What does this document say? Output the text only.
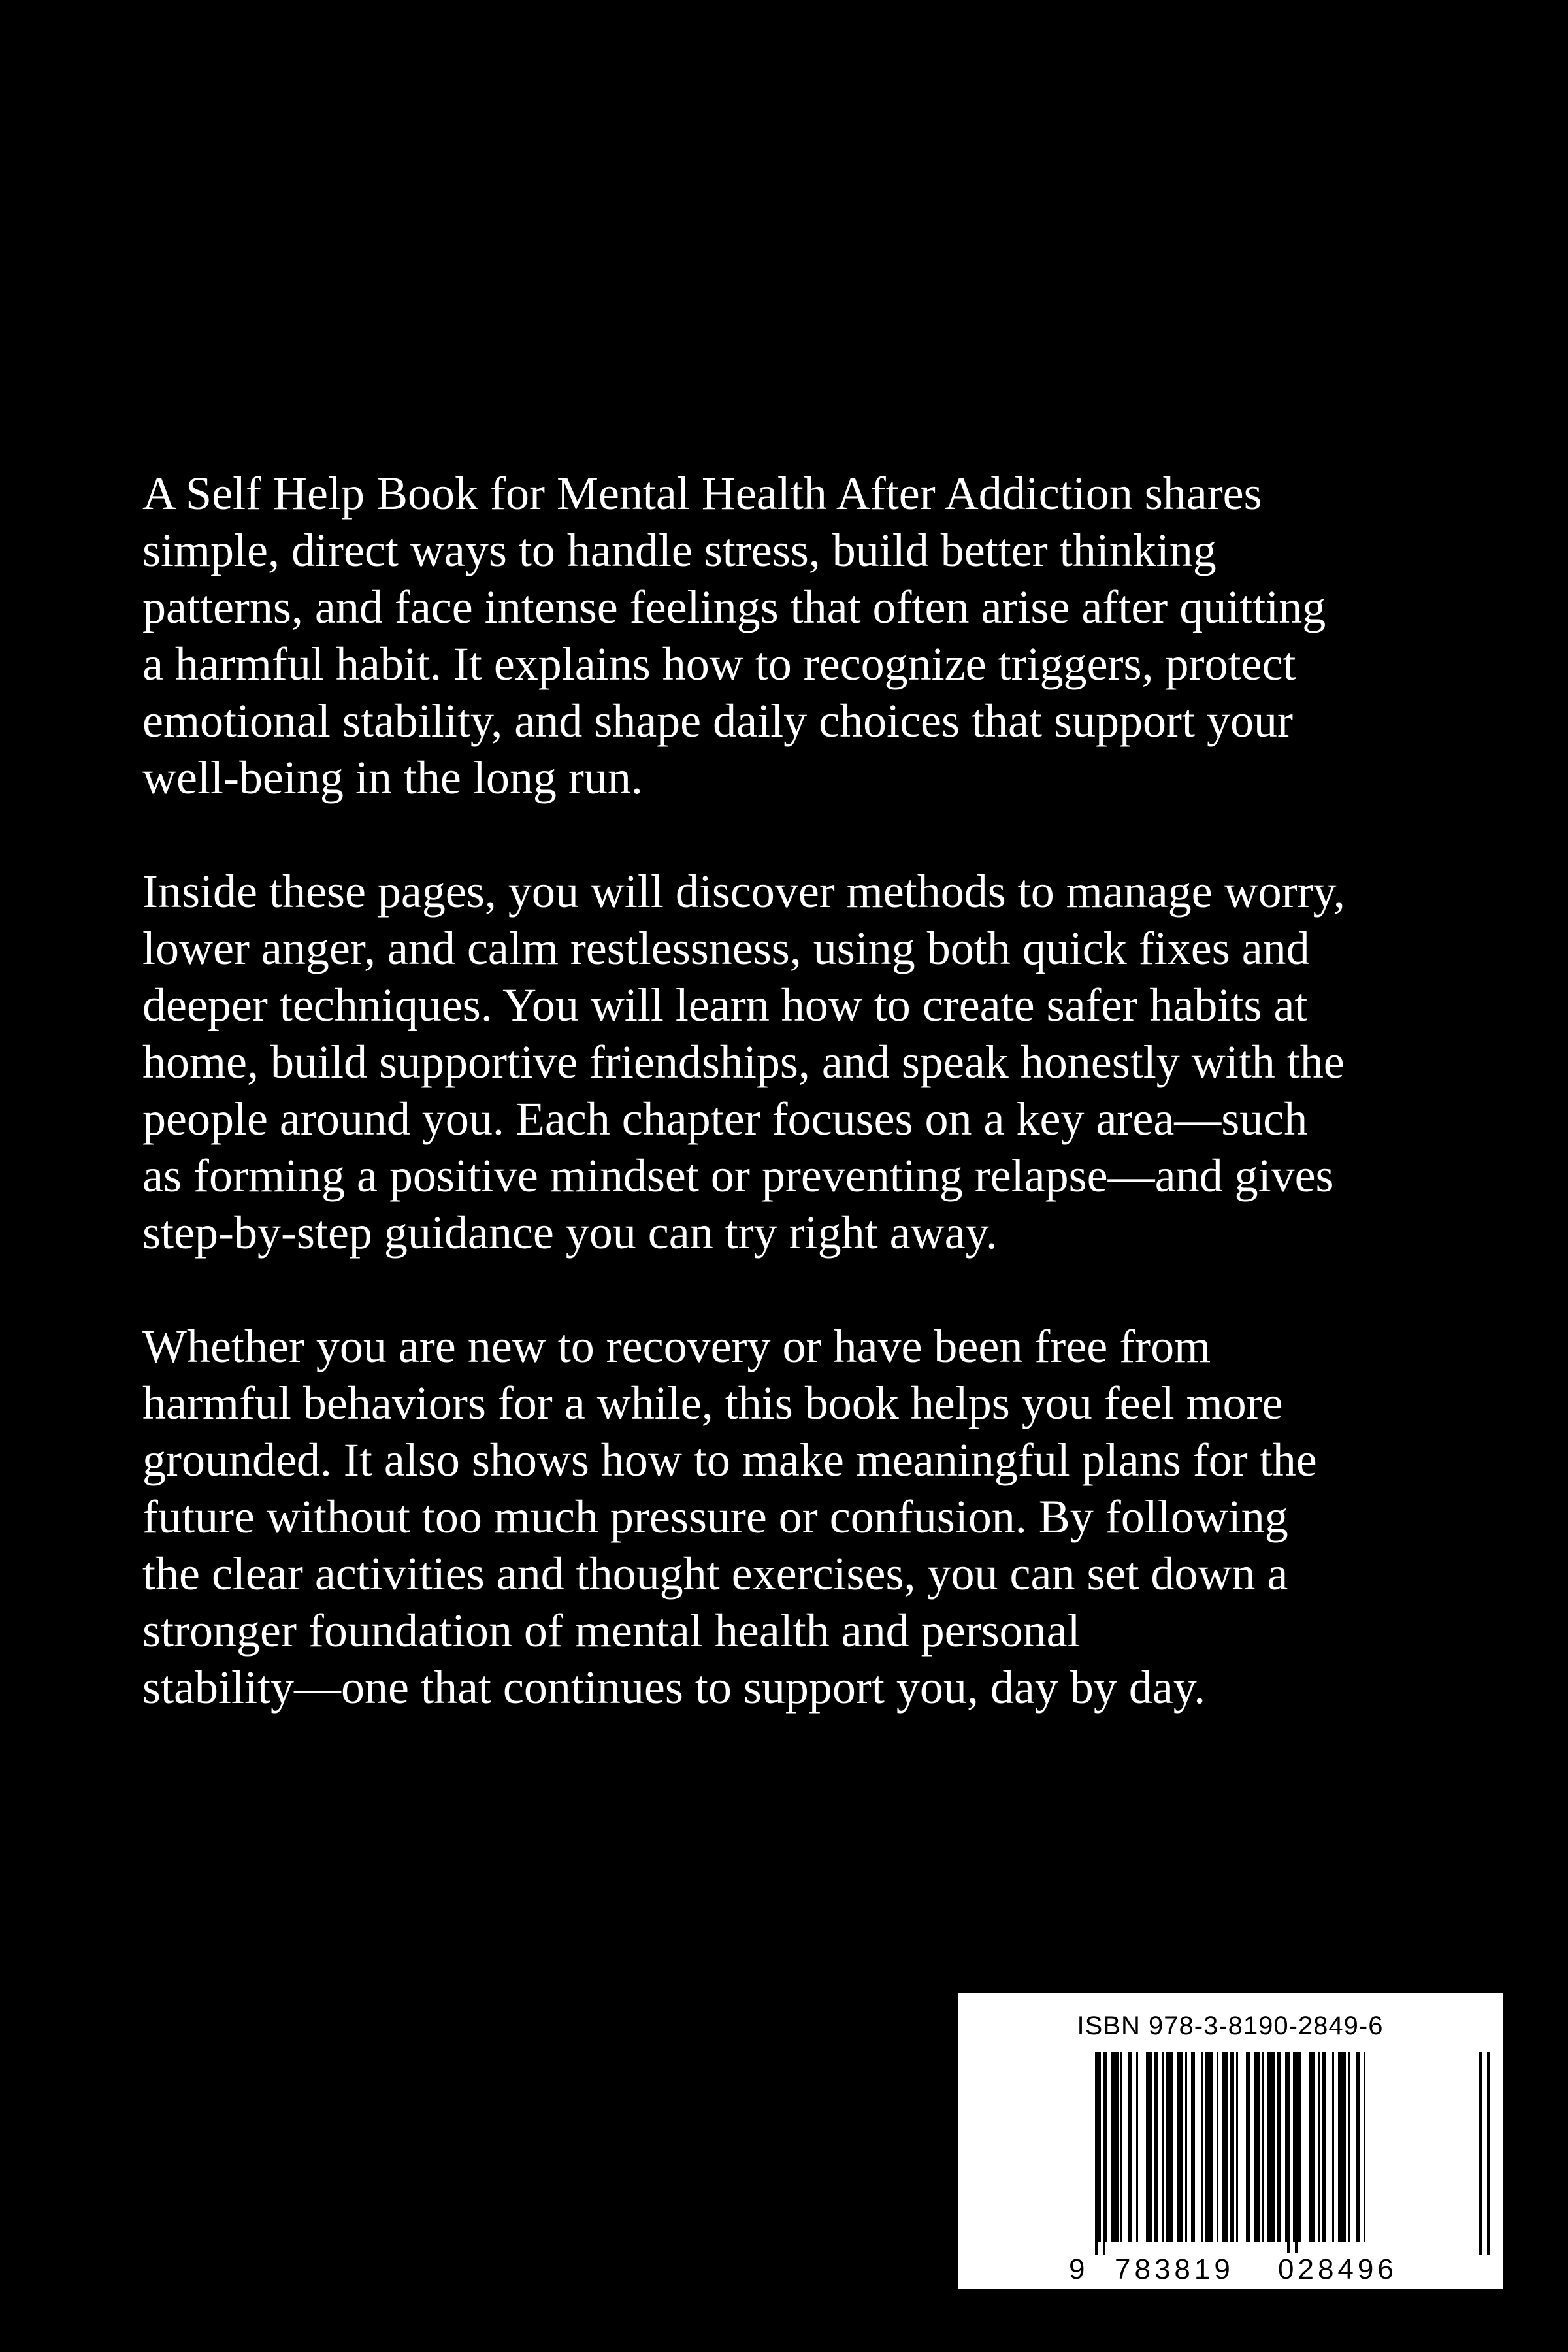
A Self Help Book for Mental Health After Addiction shares
simple, direct ways to handle stress, build better thinking
patterns, and face intense feelings that often arise after quitting
a harmful habit. It explains how to recognize triggers, protect
emotional stability, and shape daily choices that support your
well-being in the long run.

Inside these pages, you will discover methods to manage worry,
lower anger, and calm restlessness, using both quick fixes and
deeper techniques. You will learn how to create safer habits at
home, build supportive friendships, and speak honestly with the
people around you. Each chapter focuses on a key area—such
as forming a positive mindset or preventing relapse—and gives
step-by-step guidance you can try right away.

Whether you are new to recovery or have been free from
harmful behaviors for a while, this book helps you feel more
grounded. It also shows how to make meaningful plans for the
future without too much pressure or confusion. By following
the clear activities and thought exercises, you can set down a
stronger foundation of mental health and personal
stability—one that continues to support you, day by day.

ISBN 978-3-8190-2849-6
9 783819 028496
